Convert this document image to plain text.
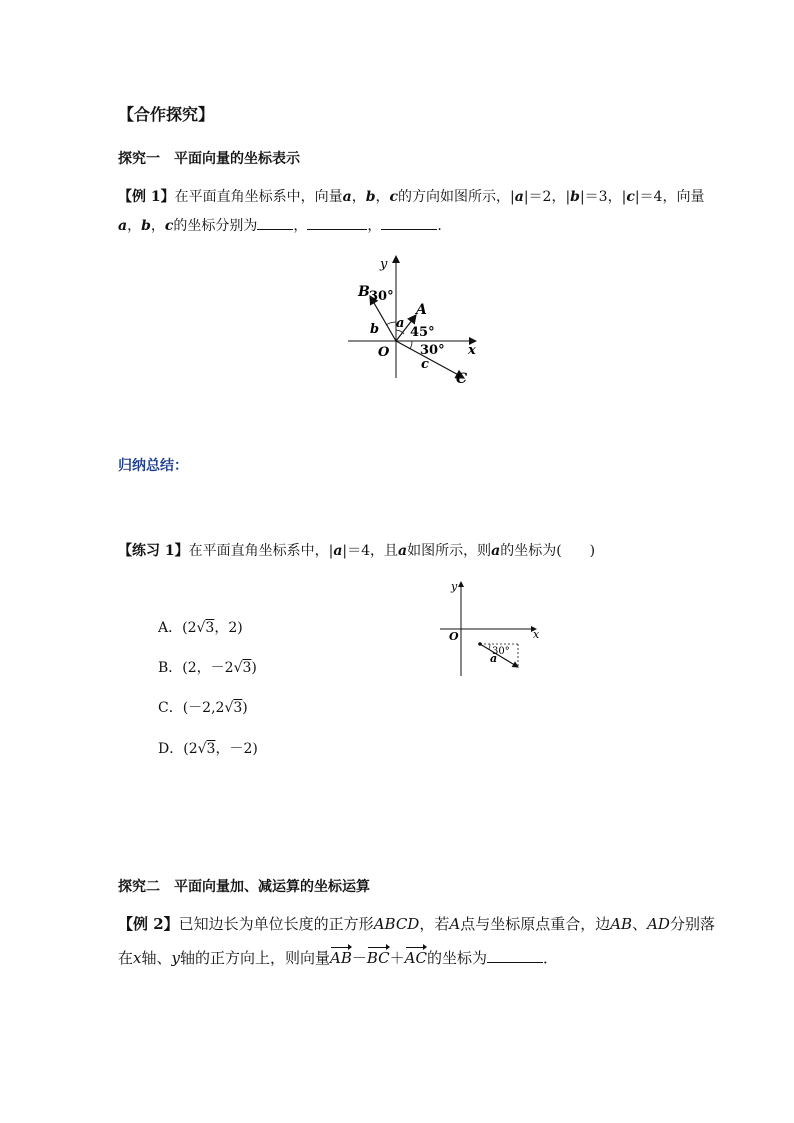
【合作探究】
探究一　平面向量的坐标表示
【例 1】在平面直角坐标系中，向量a，b，c的方向如图所示，|a|＝2，|b|＝3，|c|＝4，向量
a，b，c的坐标分别为	，	，	.
y
x
O
B
A
C
a
b
c
30°
45°
30°
归纳总结：
【练习 1】在平面直角坐标系中，|a|＝4，且a如图所示，则a的坐标为(　　)
y
x
O
30°
a
A．(2√3，2)
B．(2，－2√3)
C．(－2,2√3)
D．(2√3，－2)
探究二　平面向量加、减运算的坐标运算
【例 2】已知边长为单位长度的正方形ABCD，若A点与坐标原点重合，边AB、AD分别落
在x轴、y轴的正方向上，则向量AB－BC＋AC的坐标为	．
